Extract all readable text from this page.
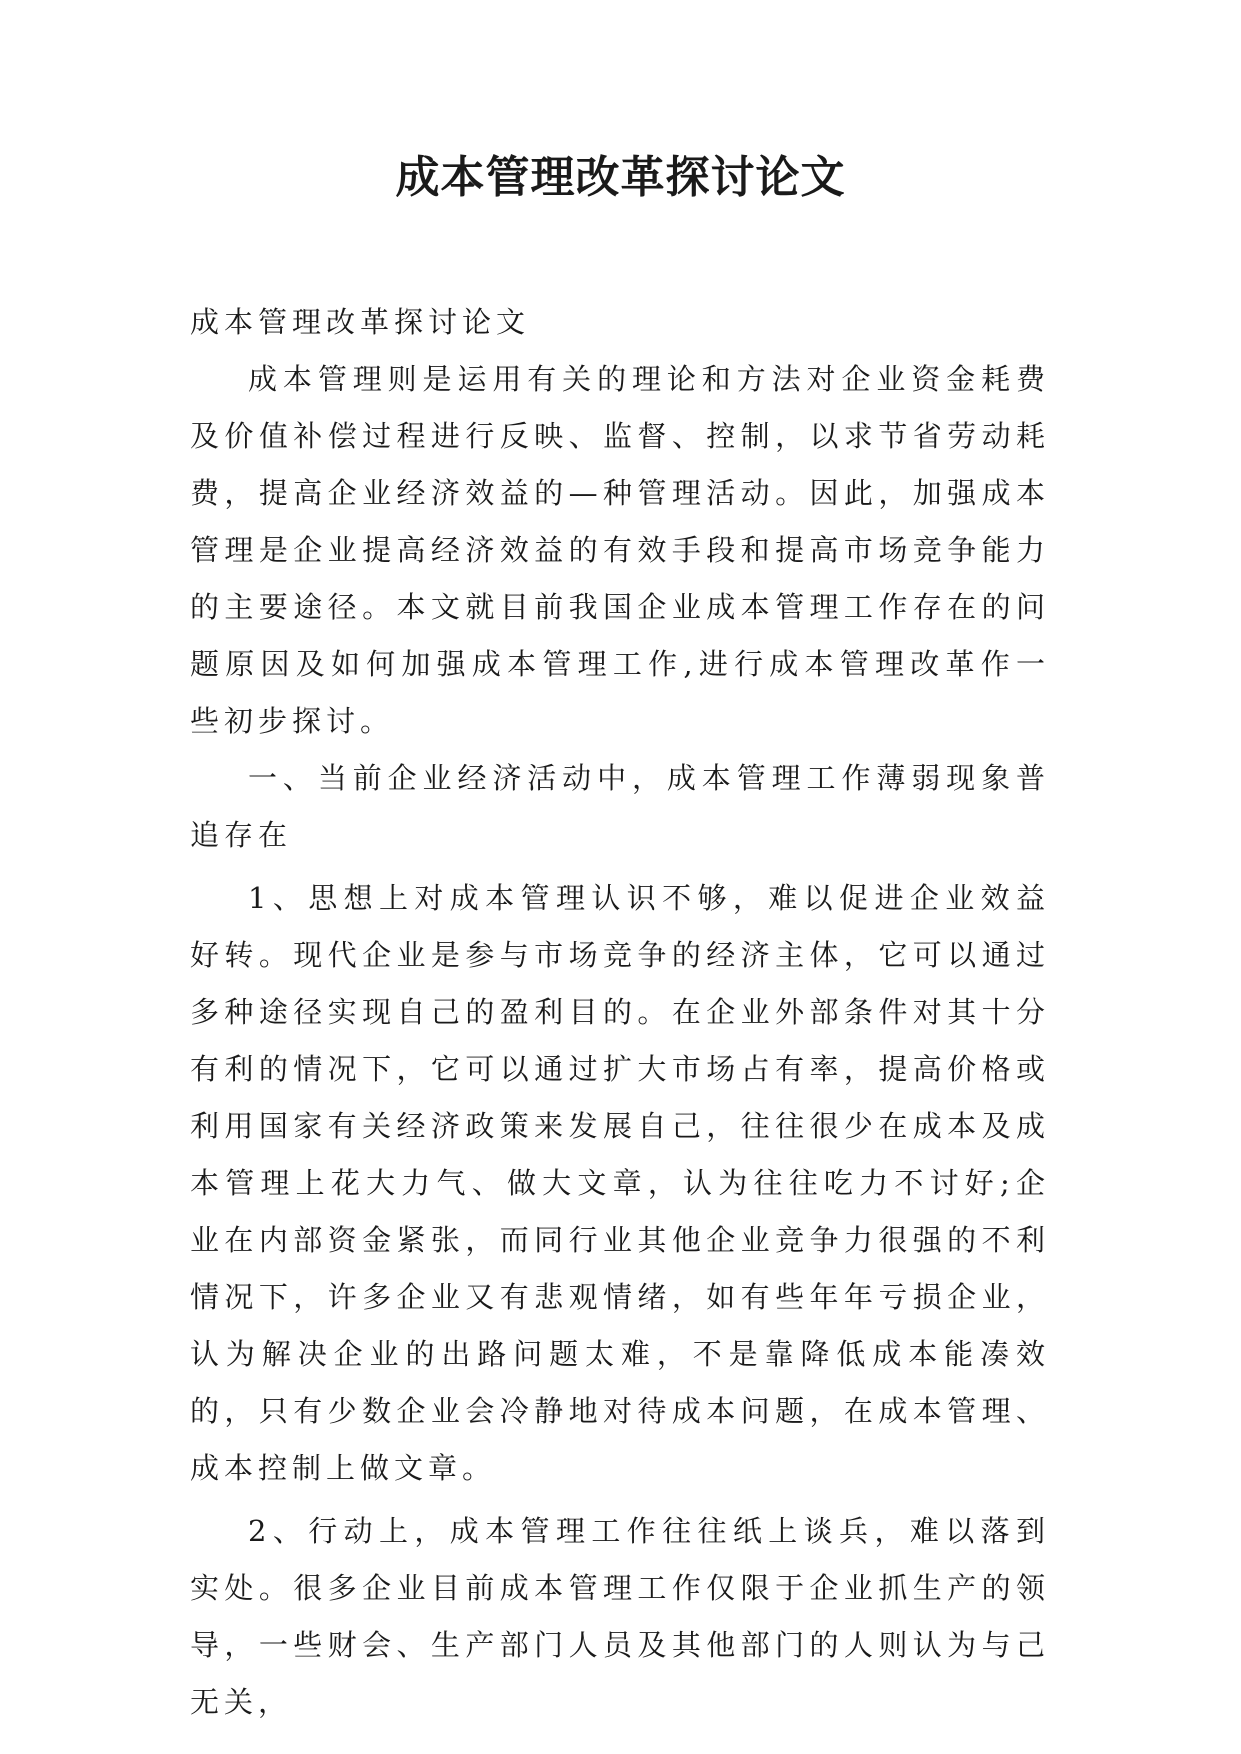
成本管理改革探讨论文

成本管理改革探讨论文

成本管理则是运用有关的理论和方法对企业资金耗费及价值补偿过程进行反映、监督、控制，以求节省劳动耗费，提高企业经济效益的—种管理活动。因此，加强成本管理是企业提高经济效益的有效手段和提高市场竞争能力的主要途径。本文就目前我国企业成本管理工作存在的问题原因及如何加强成本管理工作,进行成本管理改革作一些初步探讨。

一、当前企业经济活动中，成本管理工作薄弱现象普追存在

1、思想上对成本管理认识不够，难以促进企业效益好转。现代企业是参与市场竞争的经济主体，它可以通过多种途径实现自己的盈利目的。在企业外部条件对其十分有利的情况下，它可以通过扩大市场占有率，提高价格或利用国家有关经济政策来发展自己，往往很少在成本及成本管理上花大力气、做大文章，认为往往吃力不讨好;企业在内部资金紧张，而同行业其他企业竞争力很强的不利情况下，许多企业又有悲观情绪，如有些年年亏损企业，认为解决企业的出路问题太难，不是靠降低成本能凑效的，只有少数企业会冷静地对待成本问题，在成本管理、成本控制上做文章。

2、行动上，成本管理工作往往纸上谈兵，难以落到实处。很多企业目前成本管理工作仅限于企业抓生产的领导，一些财会、生产部门人员及其他部门的人则认为与己无关，
